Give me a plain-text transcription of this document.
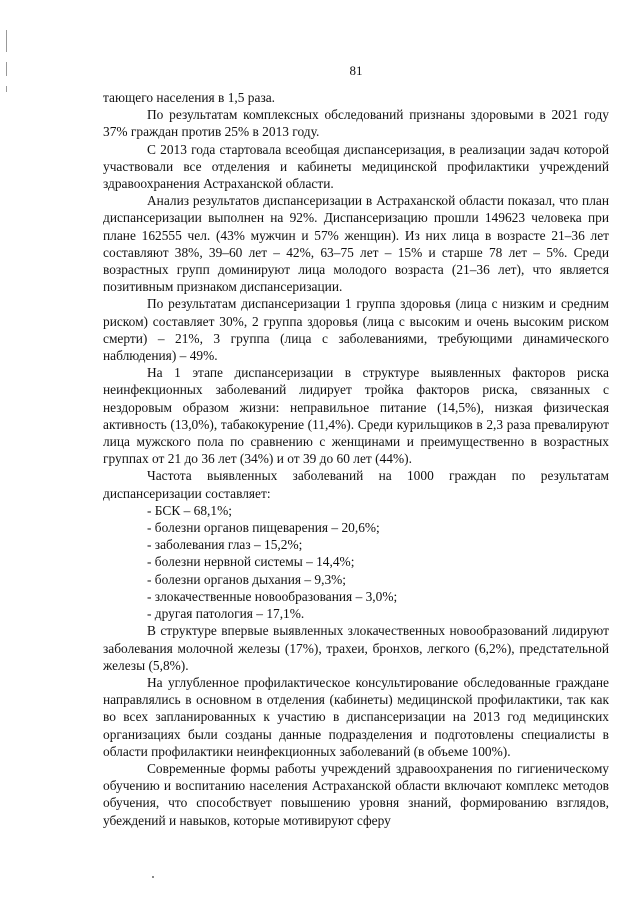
81

тающего населения в 1,5 раза.

По результатам комплексных обследований признаны здоровыми в 2021 году 37% граждан против 25% в 2013 году.

С 2013 года стартовала всеобщая диспансеризация, в реализации задач которой участвовали все отделения и кабинеты медицинской профилактики учреждений здравоохранения Астраханской области.

Анализ результатов диспансеризации в Астраханской области показал, что план диспансеризации выполнен на 92%. Диспансеризацию прошли 149623 человека при плане 162555 чел. (43% мужчин и 57% женщин). Из них лица в возрасте 21–36 лет составляют 38%, 39–60 лет – 42%, 63–75 лет – 15% и старше 78 лет – 5%. Среди возрастных групп доминируют лица молодого возраста (21–36 лет), что является позитивным признаком диспансеризации.

По результатам диспансеризации 1 группа здоровья (лица с низким и средним риском) составляет 30%, 2 группа здоровья (лица с высоким и очень высоким риском смерти) – 21%, 3 группа (лица с заболеваниями, требующими динамического наблюдения) – 49%.

На 1 этапе диспансеризации в структуре выявленных факторов риска неинфекционных заболеваний лидирует тройка факторов риска, связанных с нездоровым образом жизни: неправильное питание (14,5%), низкая физическая активность (13,0%), табакокурение (11,4%). Среди курильщиков в 2,3 раза превалируют лица мужского пола по сравнению с женщинами и преимущественно в возрастных группах от 21 до 36 лет (34%) и от 39 до 60 лет (44%).

Частота выявленных заболеваний на 1000 граждан по результатам диспансеризации составляет:

- БСК – 68,1%;
- болезни органов пищеварения – 20,6%;
- заболевания глаз – 15,2%;
- болезни нервной системы – 14,4%;
- болезни органов дыхания – 9,3%;
- злокачественные новообразования – 3,0%;
- другая патология – 17,1%.

В структуре впервые выявленных злокачественных новообразований лидируют заболевания молочной железы (17%), трахеи, бронхов, легкого (6,2%), предстательной железы (5,8%).

На углубленное профилактическое консультирование обследованные граждане направлялись в основном в отделения (кабинеты) медицинской профилактики, так как во всех запланированных к участию в диспансеризации на 2013 год медицинских организациях были созданы данные подразделения и подготовлены специалисты в области профилактики неинфекционных заболеваний (в объеме 100%).

Современные формы работы учреждений здравоохранения по гигиеническому обучению и воспитанию населения Астраханской области включают комплекс методов обучения, что способствует повышению уровня знаний, формированию взглядов, убеждений и навыков, которые мотивируют сферу
